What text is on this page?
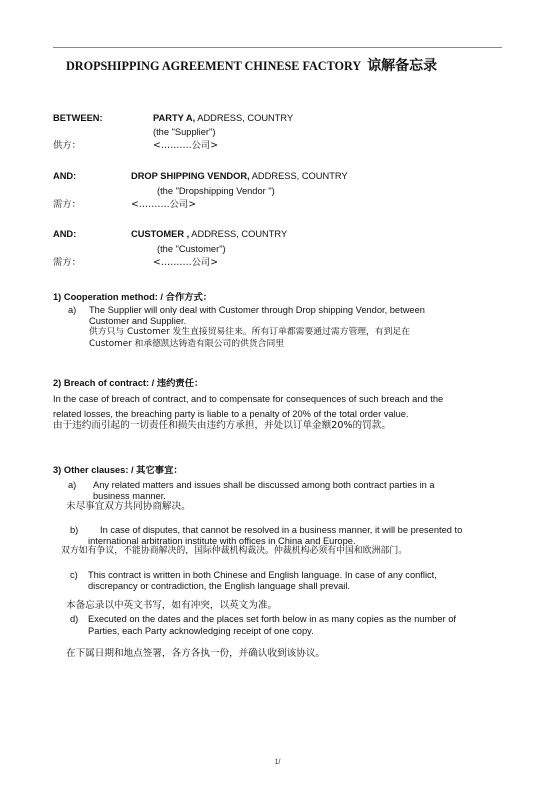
DROPSHIPPING AGREEMENT CHINESE FACTORY 谅解备忘录
BETWEEN:	PARTY A, ADDRESS, COUNTRY
(the "Supplier")
供方：	<……….公司>
AND:	DROP SHIPPING VENDOR, ADDRESS, COUNTRY
(the "Dropshipping Vendor ")
需方：	<……….公司>
AND:	CUSTOMER , ADDRESS, COUNTRY
(the "Customer")
需方：	<……….公司>
1) Cooperation method: / 合作方式：
a) The Supplier will only deal with Customer through Drop shipping Vendor, between
Customer and Supplier.
供方只与 Customer 发生直接贸易往来。所有订单都需要通过需方管理，有到足在
Customer 和承德凯达铸造有限公司的供货合同里
2) Breach of contract: / 违约责任：
In the case of breach of contract, and to compensate for consequences of such breach and the
related losses, the breaching party is liable to a penalty of 20% of the total order value.
由于违约而引起的一切责任和损失由违约方承担，并处以订单金额20%的罚款。
3) Other clauses: / 其它事宜：
a) Any related matters and issues shall be discussed among both contract parties in a
business manner.
未尽事宜双方共同协商解决。
b) In case of disputes, that cannot be resolved in a business manner, it will be presented to
international arbitration institute with offices in China and Europe.
双方如有争议，不能协商解决的，国际仲裁机构裁决。仲裁机构必须有中国和欧洲部门。
c) This contract is written in both Chinese and English language. In case of any conflict,
discrepancy or contradiction, the English language shall prevail.
本备忘录以中英文书写，如有冲突，以英文为准。
d) Executed on the dates and the places set forth below in as many copies as the number of
Parties, each Party acknowledging receipt of one copy.
在下属日期和地点签署，各方各执一份，并确认收到该协议。
1/
